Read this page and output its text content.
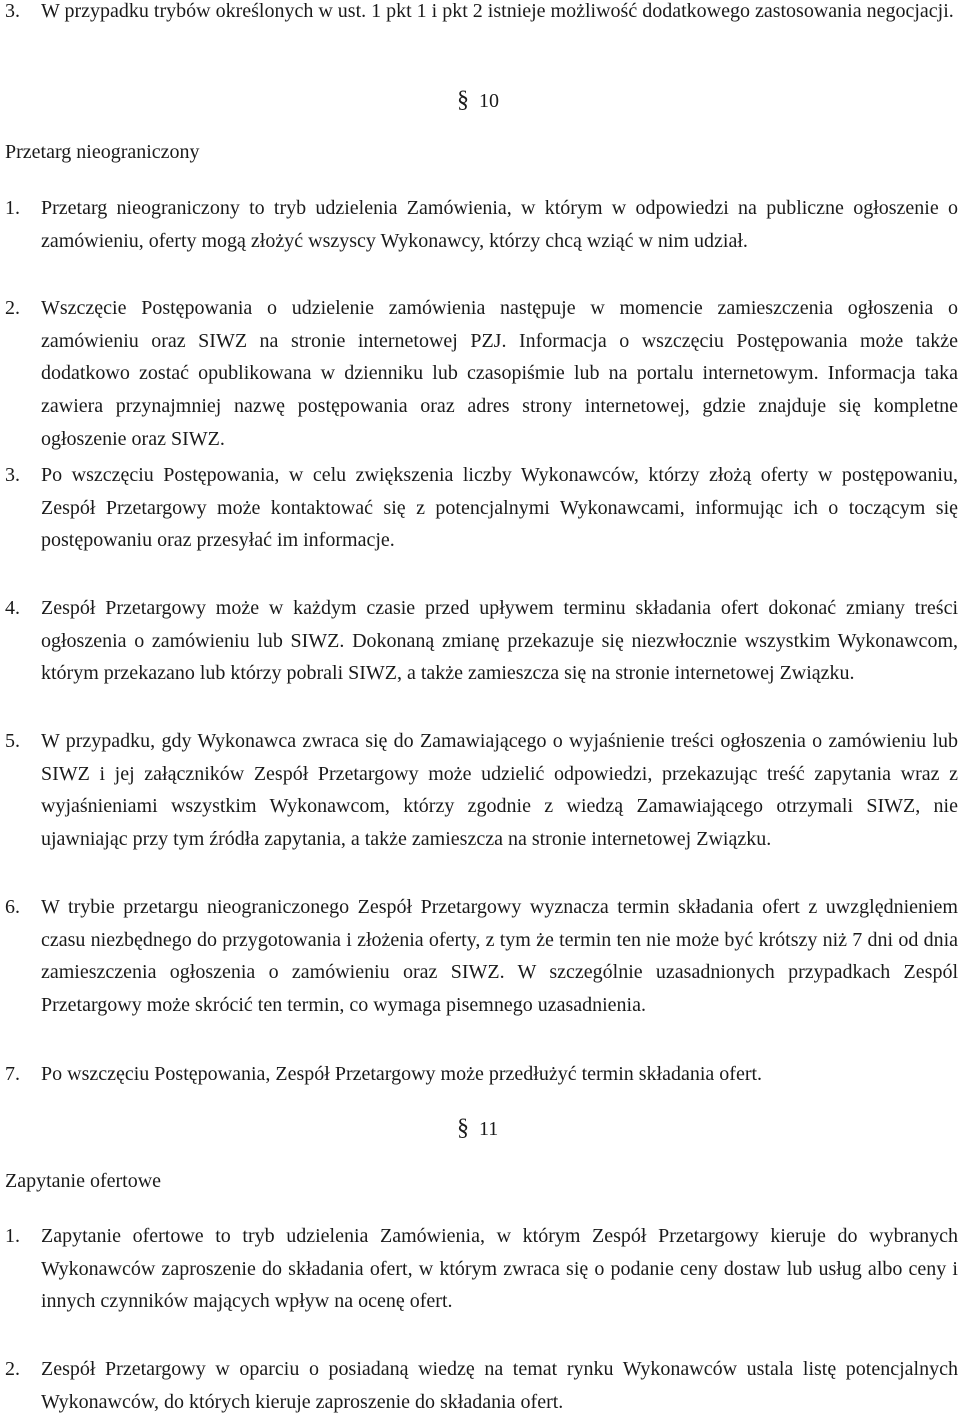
3.	W przypadku trybów określonych w ust. 1 pkt 1 i pkt 2 istnieje możliwość dodatkowego zastosowania negocjacji.
§ 10
Przetarg nieograniczony
1.	Przetarg nieograniczony to tryb udzielenia Zamówienia, w którym w odpowiedzi na publiczne ogłoszenie o zamówieniu, oferty mogą złożyć wszyscy Wykonawcy, którzy chcą wziąć w nim udział.
2.	Wszczęcie Postępowania o udzielenie zamówienia następuje w momencie zamieszczenia ogłoszenia o zamówieniu oraz SIWZ na stronie internetowej PZJ. Informacja o wszczęciu Postępowania może także dodatkowo zostać opublikowana w dzienniku lub czasopiśmie lub na portalu internetowym. Informacja taka zawiera przynajmniej nazwę postępowania oraz adres strony internetowej, gdzie znajduje się kompletne ogłoszenie oraz SIWZ.
3.	Po wszczęciu Postępowania, w celu zwiększenia liczby Wykonawców, którzy złożą oferty w postępowaniu, Zespół Przetargowy może kontaktować się z potencjalnymi Wykonawcami, informując ich o toczącym się postępowaniu oraz przesyłać im informacje.
4.	Zespół Przetargowy może w każdym czasie przed upływem terminu składania ofert dokonać zmiany treści ogłoszenia o zamówieniu lub SIWZ. Dokonaną zmianę przekazuje się niezwłocznie wszystkim Wykonawcom, którym przekazano lub którzy pobrali SIWZ, a także zamieszcza się na stronie internetowej Związku.
5.	W przypadku, gdy Wykonawca zwraca się do Zamawiającego o wyjaśnienie treści ogłoszenia o zamówieniu lub SIWZ i jej załączników Zespół Przetargowy może udzielić odpowiedzi, przekazując treść zapytania wraz z wyjaśnieniami wszystkim Wykonawcom, którzy zgodnie z wiedzą Zamawiającego otrzymali SIWZ, nie ujawniając przy tym źródła zapytania, a także zamieszcza na stronie internetowej Związku.
6.	W trybie przetargu nieograniczonego Zespół Przetargowy wyznacza termin składania ofert z uwzględnieniem czasu niezbędnego do przygotowania i złożenia oferty, z tym że termin ten nie może być krótszy niż 7 dni od dnia zamieszczenia ogłoszenia o zamówieniu oraz SIWZ. W szczególnie uzasadnionych przypadkach Zespól Przetargowy może skrócić ten termin, co wymaga pisemnego uzasadnienia.
7.	Po wszczęciu Postępowania, Zespół Przetargowy może przedłużyć termin składania ofert.
§ 11
Zapytanie ofertowe
1.	Zapytanie ofertowe to tryb udzielenia Zamówienia, w którym Zespół Przetargowy kieruje do wybranych Wykonawców zaproszenie do składania ofert, w którym zwraca się o podanie ceny dostaw lub usług albo ceny i innych czynników mających wpływ na ocenę ofert.
2.	Zespół Przetargowy w oparciu o posiadaną wiedzę na temat rynku Wykonawców ustala listę potencjalnych Wykonawców, do których kieruje zaproszenie do składania ofert.
